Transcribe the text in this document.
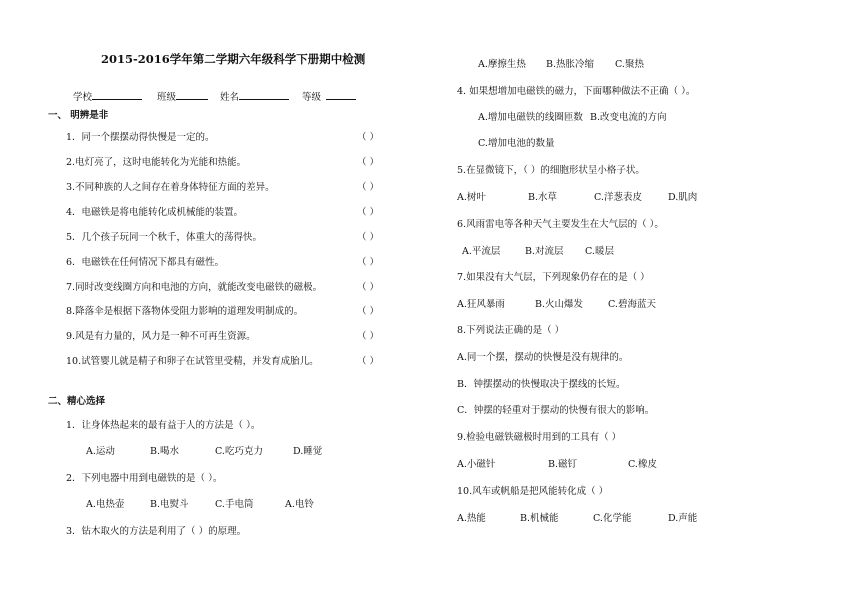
2015-2016学年第二学期六年级科学下册期中检测
学校	班级	姓名	等级
一、 明辨是非
1．同一个摆摆动得快慢是一定的。	（ ）
2.电灯亮了，这时电能转化为光能和热能。	（ ）
3.不同种族的人之间存在着身体特征方面的差异。	（ ）
4．电磁铁是将电能转化成机械能的装置。	（ ）
5．几个孩子玩同一个秋千，体重大的荡得快。	（ ）
6．电磁铁在任何情况下都具有磁性。	（ ）
7.同时改变线圈方向和电池的方向，就能改变电磁铁的磁极。	（ ）
8.降落伞是根据下落物体受阻力影响的道理发明制成的。	（ ）
9.风是有力量的，风力是一种不可再生资源。	（ ）
10.试管婴儿就是精子和卵子在试管里受精，并发育成胎儿。	（ ）
二、精心选择
1．让身体热起来的最有益于人的方法是（ ）。
A.运动	B.喝水	C.吃巧克力	D.睡觉
2．下列电器中用到电磁铁的是（ ）。
A.电热壶	B.电熨斗	C.手电筒	A.电铃
3．钻木取火的方法是利用了（ ）的原理。
A.摩擦生热 B.热胀冷缩 C.聚热
4. 如果想增加电磁铁的磁力，下面哪种做法不正确（ ）。
A.增加电磁铁的线圈匝数 B.改变电流的方向
C.增加电池的数量
5.在显微镜下，（ ）的细胞形状呈小格子状。
A.树叶	B.水草	C.洋葱表皮	D.肌肉
6.风雨雷电等各种天气主要发生在大气层的（ ）。
A.平流层	B.对流层 C.暖层
7.如果没有大气层，下列现象仍存在的是（ ）
A.狂风暴雨	B.火山爆发	C.碧海蓝天
8.下列说法正确的是（ ）
A.同一个摆，摆动的快慢是没有规律的。
B．钟摆摆动的快慢取决于摆线的长短。
C．钟摆的轻重对于摆动的快慢有很大的影响。
9.检验电磁铁磁极时用到的工具有（ ）
A.小磁针	B.磁钉	C.橡皮
10.风车或帆船是把风能转化成（ ）
A.热能	B.机械能	C.化学能	D.声能
